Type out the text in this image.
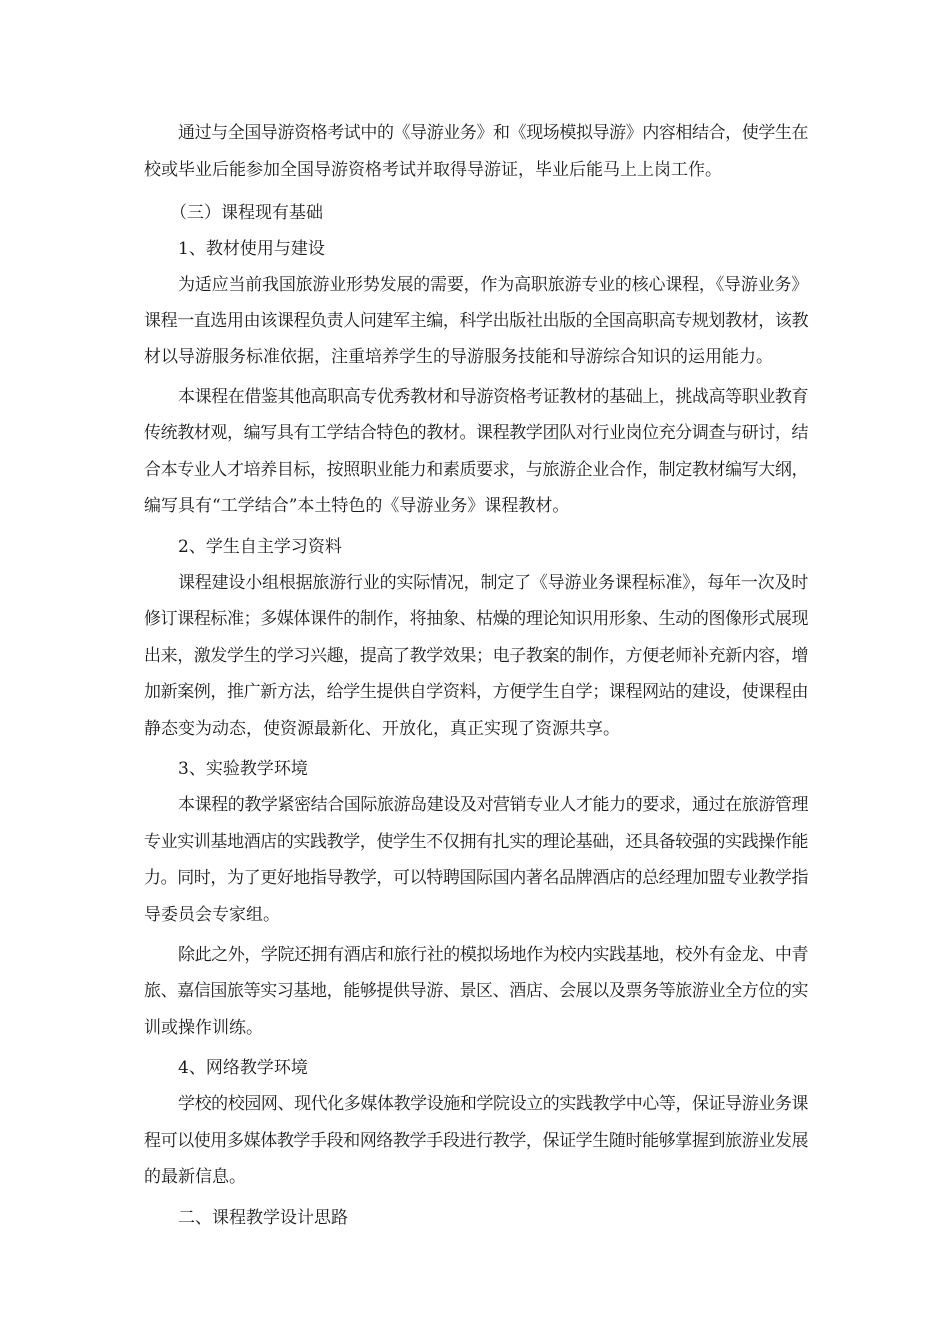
通过与全国导游资格考试中的《导游业务》和《现场模拟导游》内容相结合，使学生在
校或毕业后能参加全国导游资格考试并取得导游证，毕业后能马上上岗工作。
（三）课程现有基础
1、教材使用与建设
为适应当前我国旅游业形势发展的需要，作为高职旅游专业的核心课程，《导游业务》
课程一直选用由该课程负责人问建军主编，科学出版社出版的全国高职高专规划教材，该教
材以导游服务标准依据，注重培养学生的导游服务技能和导游综合知识的运用能力。
本课程在借鉴其他高职高专优秀教材和导游资格考证教材的基础上，挑战高等职业教育
传统教材观，编写具有工学结合特色的教材。课程教学团队对行业岗位充分调查与研讨，结
合本专业人才培养目标，按照职业能力和素质要求，与旅游企业合作，制定教材编写大纲，
编写具有“工学结合”本土特色的《导游业务》课程教材。
2、学生自主学习资料
课程建设小组根据旅游行业的实际情况，制定了《导游业务课程标准》，每年一次及时
修订课程标准；多媒体课件的制作，将抽象、枯燥的理论知识用形象、生动的图像形式展现
出来，激发学生的学习兴趣，提高了教学效果；电子教案的制作，方便老师补充新内容，增
加新案例，推广新方法，给学生提供自学资料，方便学生自学；课程网站的建设，使课程由
静态变为动态，使资源最新化、开放化，真正实现了资源共享。
3、实验教学环境
本课程的教学紧密结合国际旅游岛建设及对营销专业人才能力的要求，通过在旅游管理
专业实训基地酒店的实践教学，使学生不仅拥有扎实的理论基础，还具备较强的实践操作能
力。同时，为了更好地指导教学，可以特聘国际国内著名品牌酒店的总经理加盟专业教学指
导委员会专家组。
除此之外，学院还拥有酒店和旅行社的模拟场地作为校内实践基地，校外有金龙、中青
旅、嘉信国旅等实习基地，能够提供导游、景区、酒店、会展以及票务等旅游业全方位的实
训或操作训练。
4、网络教学环境
学校的校园网、现代化多媒体教学设施和学院设立的实践教学中心等，保证导游业务课
程可以使用多媒体教学手段和网络教学手段进行教学，保证学生随时能够掌握到旅游业发展
的最新信息。
二、课程教学设计思路
